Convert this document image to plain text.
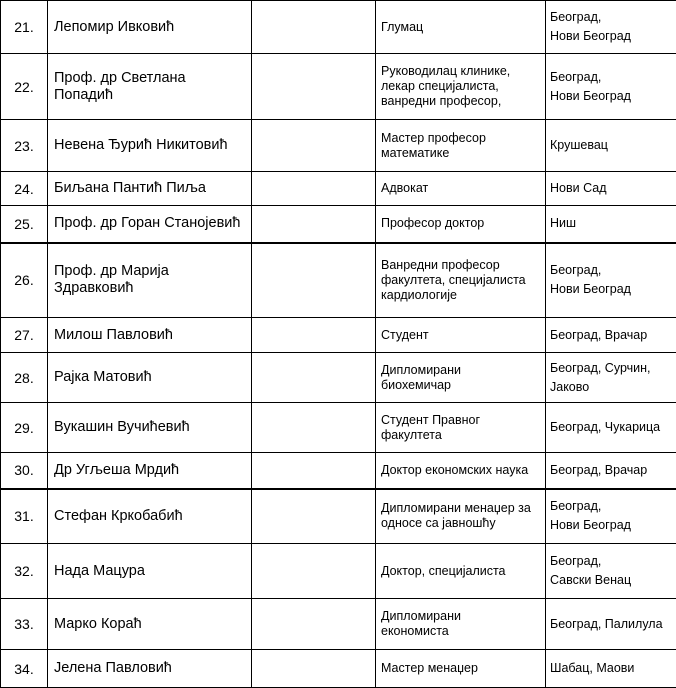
21.	Лепомир Ивковић		Глумац	Београд,
Нови Београд
22.	Проф. др Светлана
Попадић		Руководилац клинике,
лекар специјалиста,
ванредни професор,	Београд,
Нови Београд
23.	Невена Ђурић Никитовић		Мастер професор
математике	Крушевац
24.	Биљана Пантић Пиља		Адвокат	Нови Сад
25.	Проф. др Горан Станојевић		Професор доктор	Ниш
26.	Проф. др Марија
Здравковић		Ванредни професор
факултета, специјалиста
кардиологије	Београд,
Нови Београд
27.	Милош Павловић		Студент	Београд, Врачар
28.	Рајка Матовић		Дипломирани
биохемичар	Београд, Сурчин,
Јаково
29.	Вукашин Вучићевић		Студент Правног
факултета	Београд, Чукарица
30.	Др Угљеша Мрдић		Доктор економских наука	Београд, Врачар
31.	Стефан Кркобабић		Дипломирани менаџер за
односе са јавношћу	Београд,
Нови Београд
32.	Нада Мацура		Доктор, специјалиста	Београд,
Савски Венац
33.	Марко Корaћ		Дипломирани
економиста	Београд, Палилула
34.	Јелена Павловић		Мастер менаџер	Шабац, Маови
